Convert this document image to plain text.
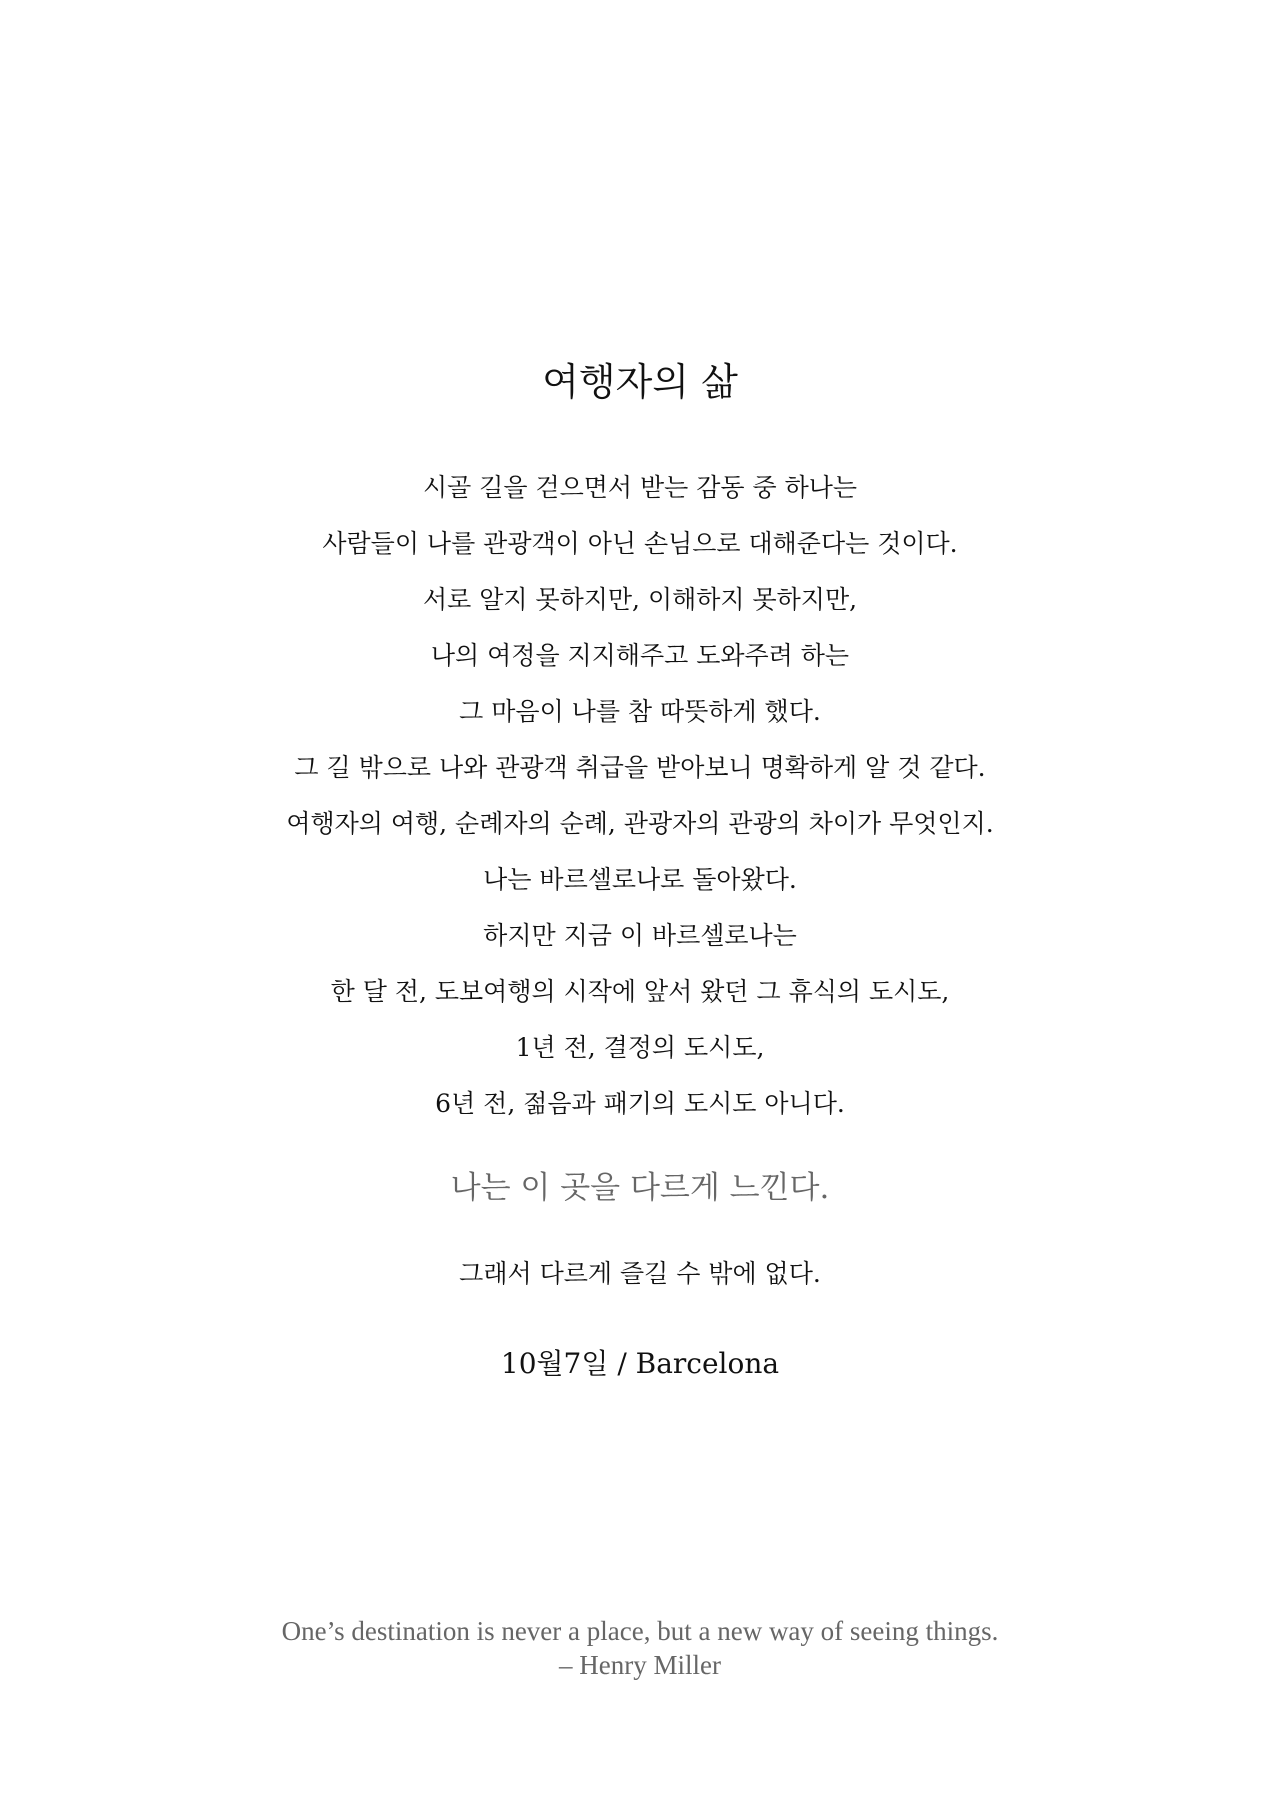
여행자의 삶
시골 길을 걷으면서 받는 감동 중 하나는
사람들이 나를 관광객이 아닌 손님으로 대해준다는 것이다.
서로 알지 못하지만, 이해하지 못하지만,
나의 여정을 지지해주고 도와주려 하는
그 마음이 나를 참 따뜻하게 했다.
그 길 밖으로 나와 관광객 취급을 받아보니 명확하게 알 것 같다.
여행자의 여행, 순례자의 순례, 관광자의 관광의 차이가 무엇인지.
나는 바르셀로나로 돌아왔다.
하지만 지금 이 바르셀로나는
한 달 전, 도보여행의 시작에 앞서 왔던 그 휴식의 도시도,
1년 전, 결정의 도시도,
6년 전, 젊음과 패기의 도시도 아니다.
나는 이 곳을 다르게 느낀다.
그래서 다르게 즐길 수 밖에 없다.
10월7일 / Barcelona
One’s destination is never a place, but a new way of seeing things.
– Henry Miller
